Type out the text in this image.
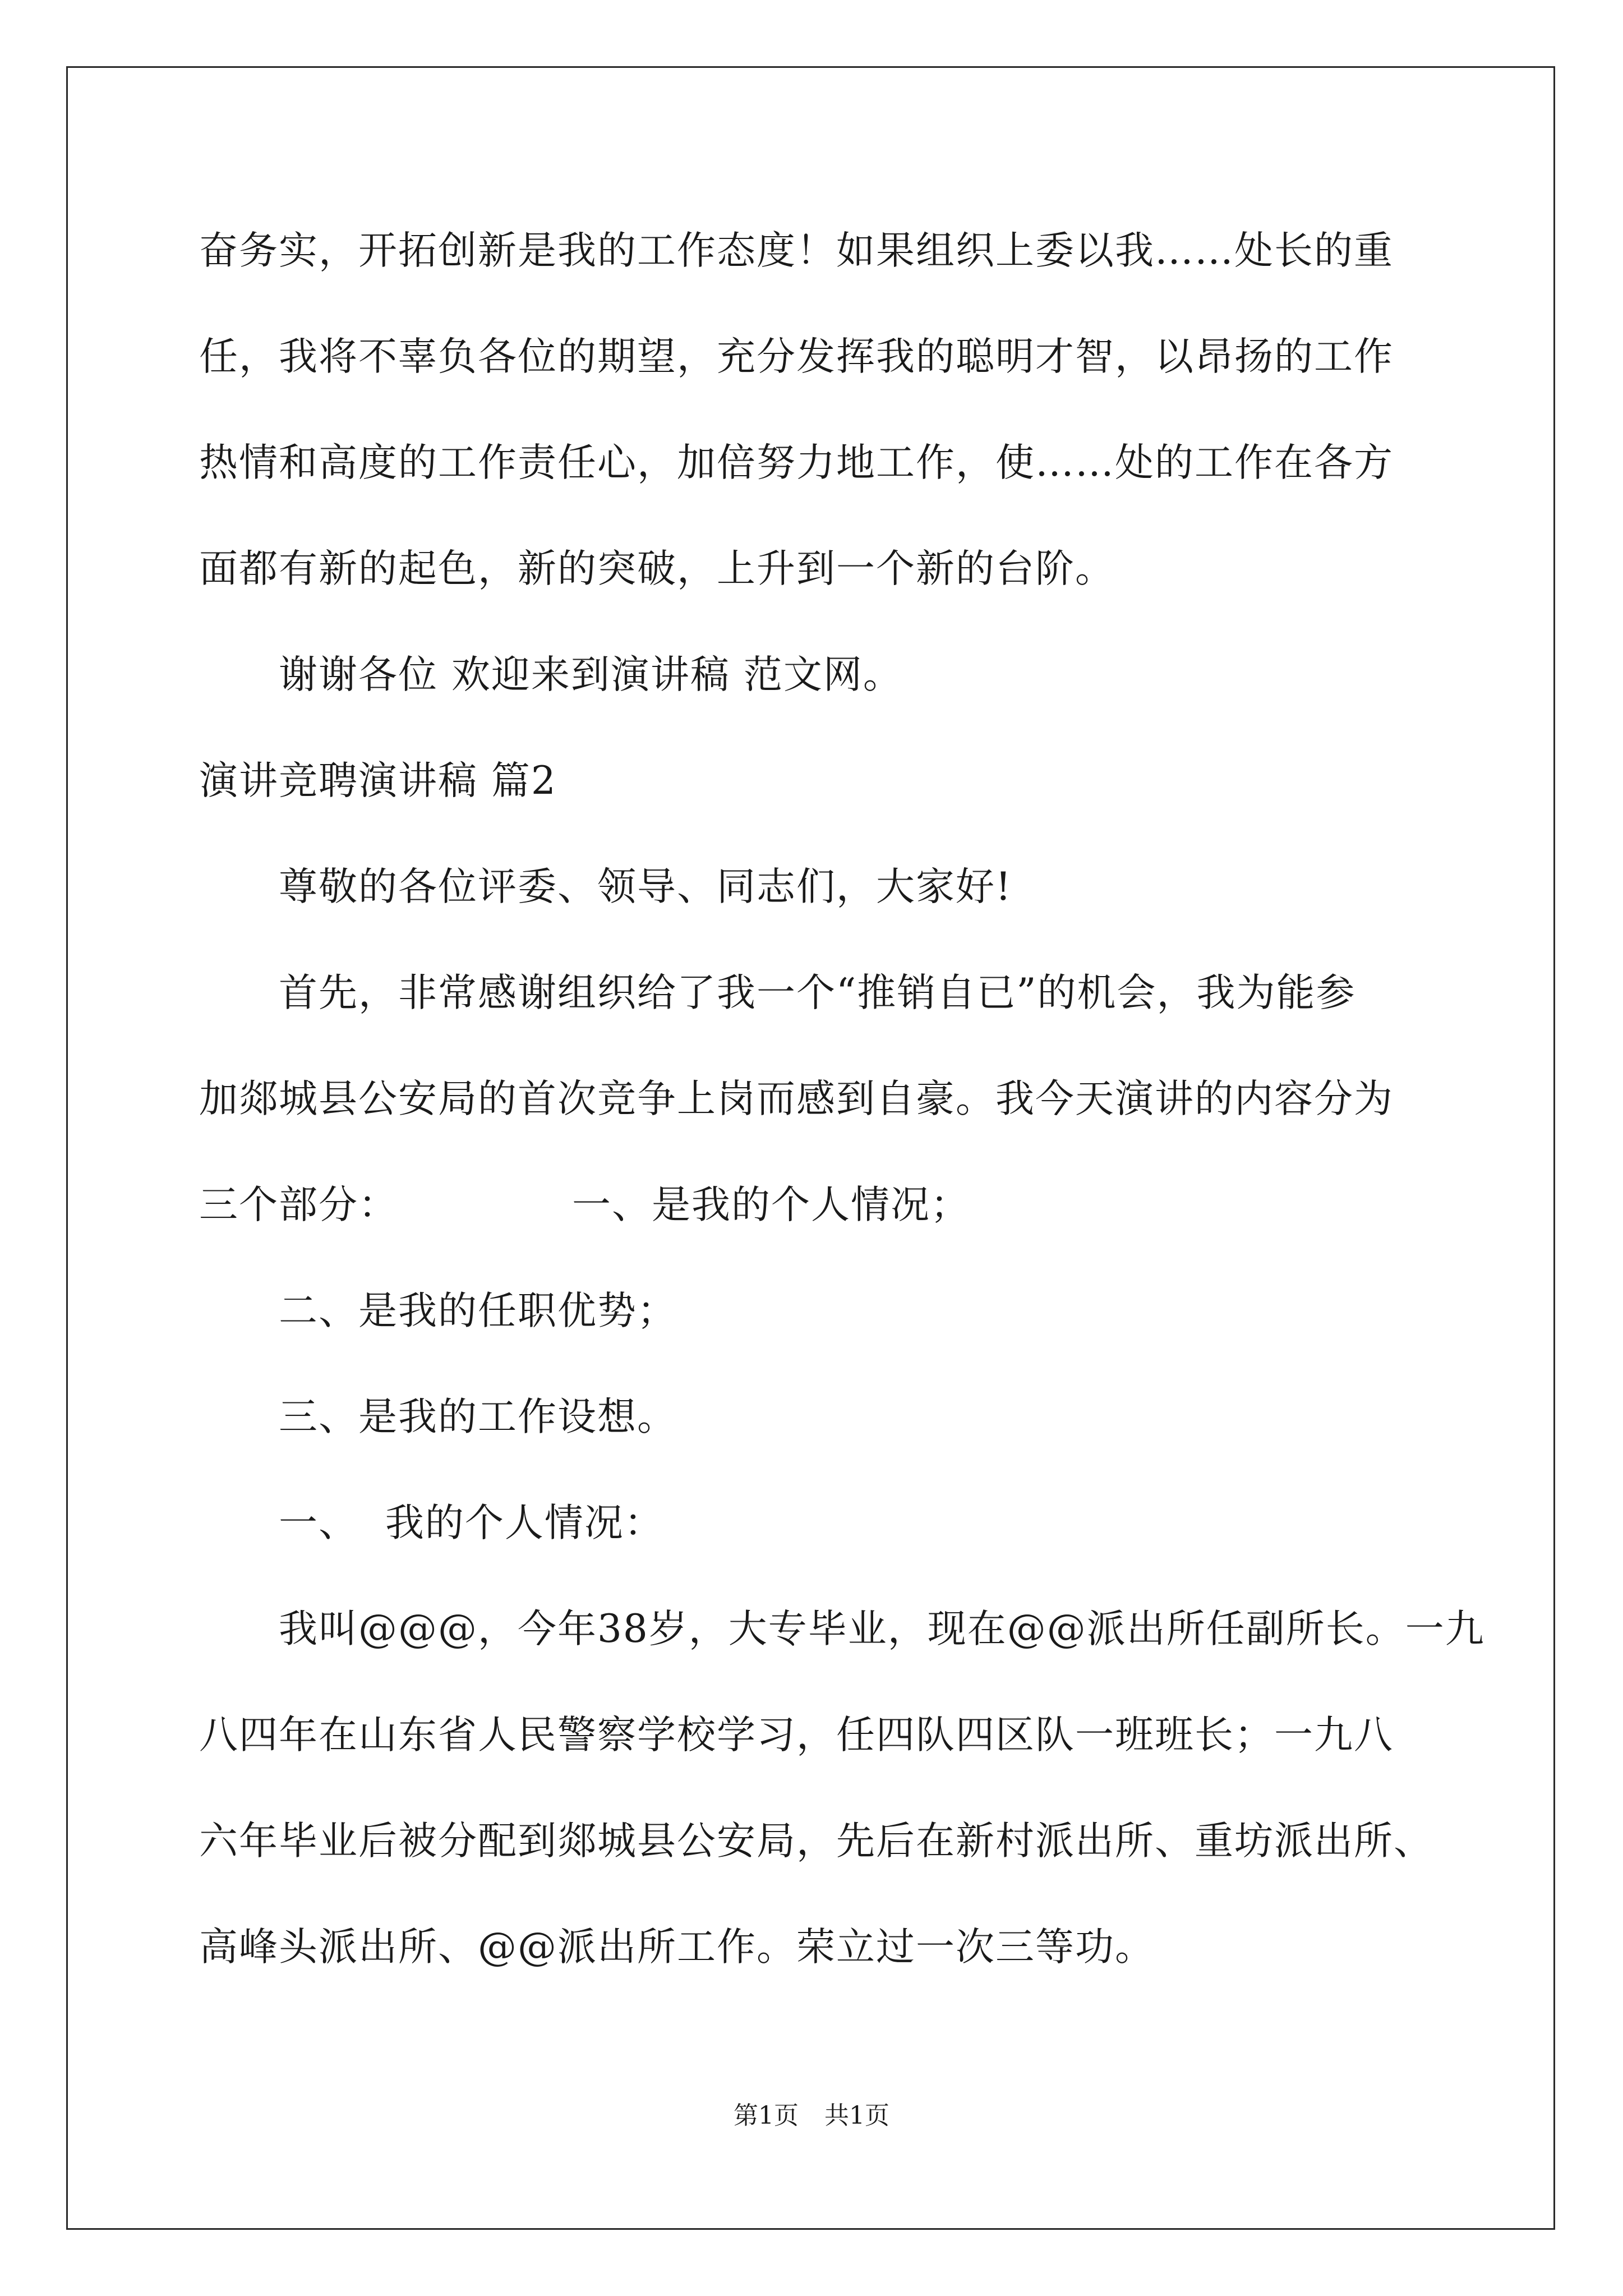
奋务实，开拓创新是我的工作态度！如果组织上委以我……处长的重
任，我将不辜负各位的期望，充分发挥我的聪明才智，以昂扬的工作
热情和高度的工作责任心，加倍努力地工作，使……处的工作在各方
面都有新的起色，新的突破，上升到一个新的台阶。
谢谢各位 欢迎来到演讲稿 范文网。
演讲竞聘演讲稿 篇2
尊敬的各位评委、领导、同志们，大家好!
首先，非常感谢组织给了我一个“推销自已”的机会，我为能参
加郯城县公安局的首次竞争上岗而感到自豪。我今天演讲的内容分为
三个部分：	一、是我的个人情况；
二、是我的任职优势；
三、是我的工作设想。
一、  我的个人情况：
我叫@@@，今年38岁，大专毕业，现在@@派出所任副所长。一九
八四年在山东省人民警察学校学习，任四队四区队一班班长；一九八
六年毕业后被分配到郯城县公安局，先后在新村派出所、重坊派出所、
高峰头派出所、@@派出所工作。荣立过一次三等功。
第1页 共1页
